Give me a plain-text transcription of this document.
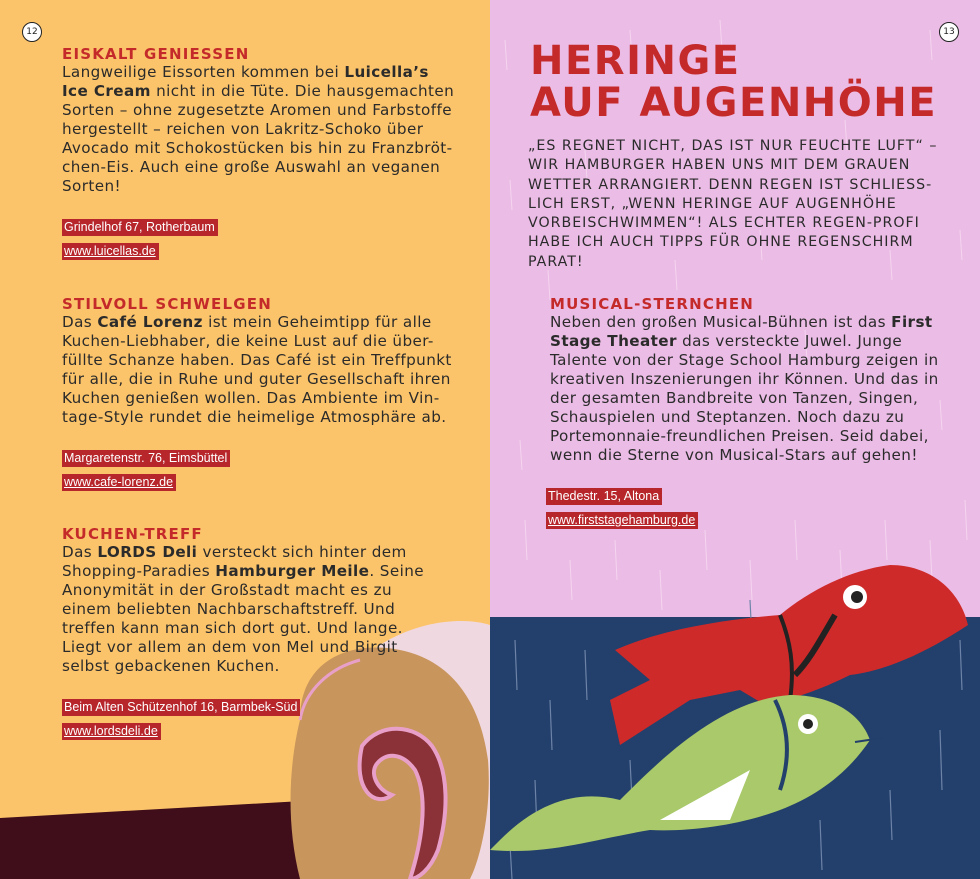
12
EISKALT GENIESSEN

Langweilige Eissorten kommen bei Luicella’s Ice Cream nicht in die Tüte. Die hausgemachten Sorten – ohne zugesetzte Aromen und Farbstoffe hergestellt – reichen von Lakritz-Schoko über Avocado mit Schokostücken bis hin zu Franzbröt-chen-Eis. Auch eine große Auswahl an veganen Sorten!

Grindelhof 67, Rotherbaum
www.luicellas.de
STILVOLL SCHWELGEN

Das Café Lorenz ist mein Geheimtipp für alle Kuchen-Liebhaber, die keine Lust auf die über-füllte Schanze haben. Das Café ist ein Treffpunkt für alle, die in Ruhe und guter Gesellschaft ihren Kuchen genießen wollen. Das Ambiente im Vin-tage-Style rundet die heimelige Atmosphäre ab.

Margaretenstr. 76, Eimsbüttel
www.cafe-lorenz.de
KUCHEN-TREFF

Das LORDS Deli versteckt sich hinter dem Shopping-Paradies Hamburger Meile. Seine Anonymität in der Großstadt macht es zu einem beliebten Nachbarschaftstreff. Und treffen kann man sich dort gut. Und lange. Liegt vor allem an dem von Mel und Birgit selbst gebackenen Kuchen.

Beim Alten Schützenhof 16, Barmbek-Süd
www.lordsdeli.de
13
HERINGE
AUF AUGENHÖHE

„ES REGNET NICHT, DAS IST NUR FEUCHTE LUFT“ – WIR HAMBURGER HABEN UNS MIT DEM GRAUEN WETTER ARRANGIERT. DENN REGEN IST SCHLIESS-LICH ERST, „WENN HERINGE AUF AUGENHÖHE VORBEISCHWIMMEN“! ALS ECHTER REGEN-PROFI HABE ICH AUCH TIPPS FÜR OHNE REGENSCHIRM PARAT!

MUSICAL-STERNCHEN

Neben den großen Musical-Bühnen ist das First Stage Theater das versteckte Juwel. Junge Talente von der Stage School Hamburg zeigen in kreativen Inszenierungen ihr Können. Und das in der gesamten Bandbreite von Tanzen, Singen, Schauspielen und Steptanzen. Noch dazu zu Portemonnaie-freundlichen Preisen. Seid dabei, wenn die Sterne von Musical-Stars auf gehen!

Thedestr. 15, Altona
www.firststagehamburg.de
